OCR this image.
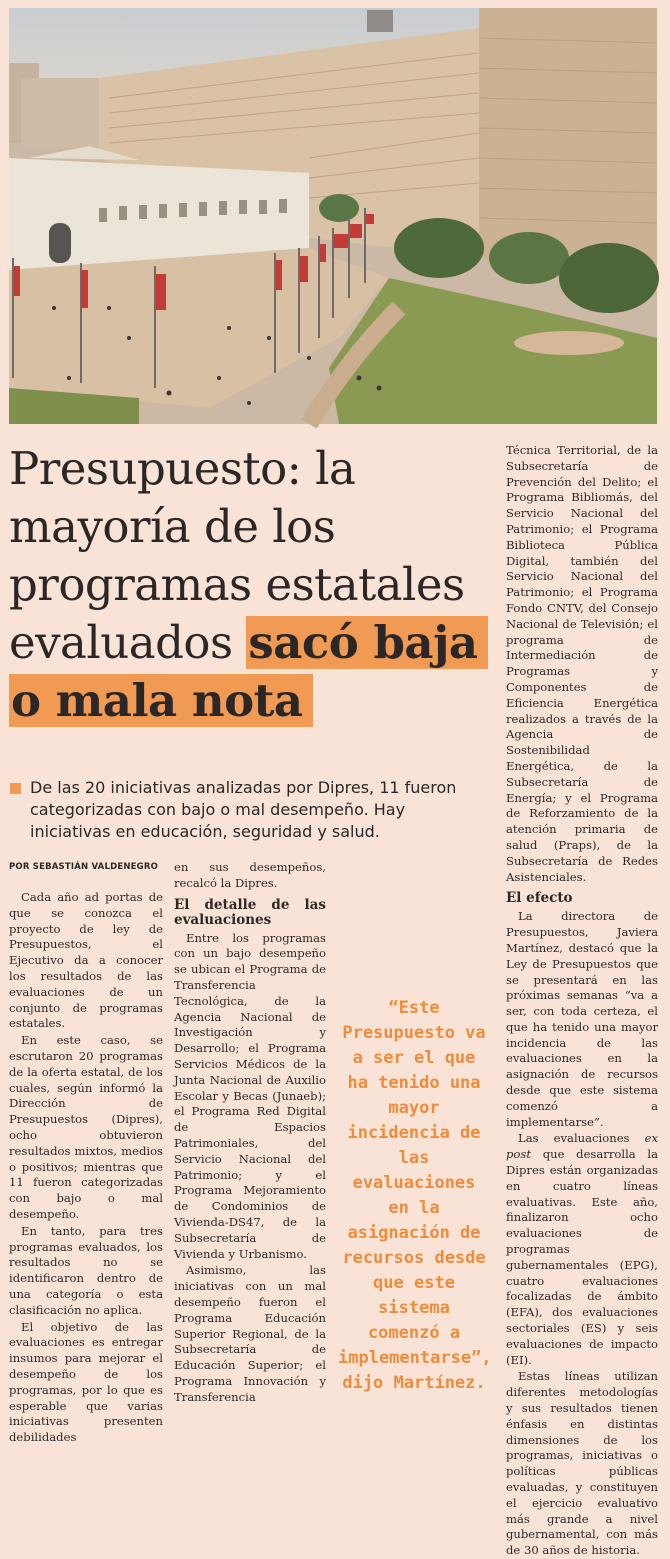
Presupuesto: la
mayoría de los
programas estatales
evaluados sacó baja
o mala nota

De las 20 iniciativas analizadas por Dipres, 11 fueron categorizadas con bajo o mal desempeño. Hay iniciativas en educación, seguridad y salud.

POR SEBASTIÁN VALDENEGRO

Cada año ad portas de que se conozca el proyecto de ley de Presupuestos, el Ejecutivo da a conocer los resultados de las evaluaciones de un conjunto de programas estatales.

En este caso, se escrutaron 20 programas de la oferta estatal, de los cuales, según informó la Dirección de Presupuestos (Dipres), ocho obtuvieron resultados mixtos, medios o positivos; mientras que 11 fueron categorizadas con bajo o mal desempeño.

En tanto, para tres programas evaluados, los resultados no se identificaron dentro de una categoría o esta clasificación no aplica.

El objetivo de las evaluaciones es entregar insumos para mejorar el desempeño de los programas, por lo que es esperable que varias iniciativas presenten debilidades

en sus desempeños, recalcó la Dipres.

El detalle de las evaluaciones

Entre los programas con un bajo desempeño se ubican el Programa de Transferencia Tecnológica, de la Agencia Nacional de Investigación y Desarrollo; el Programa Servicios Médicos de la Junta Nacional de Auxilio Escolar y Becas (Junaeb); el Programa Red Digital de Espacios Patrimoniales, del Servicio Nacional del Patrimonio; y el Programa Mejoramiento de Condominios de Vivienda-DS47, de la Subsecretaría de Vivienda y Urbanismo.

Asimismo, las iniciativas con un mal desempeño fueron el Programa Educación Superior Regional, de la Subsecretaría de Educación Superior; el Programa Innovación y Transferencia

“Este Presupuesto va a ser el que ha tenido una mayor incidencia de las evaluaciones en la asignación de recursos desde que este sistema comenzó a implementarse”,
dijo Martínez.

Técnica Territorial, de la Subsecretaría de Prevención del Delito; el Programa Bibliomás, del Servicio Nacional del Patrimonio; el Programa Biblioteca Pública Digital, también del Servicio Nacional del Patrimonio; el Programa Fondo CNTV, del Consejo Nacional de Televisión; el programa de Intermediación de Programas y Componentes de Eficiencia Energética realizados a través de la Agencia de Sostenibilidad Energética, de la Subsecretaría de Energía; y el Programa de Reforzamiento de la atención primaria de salud (Praps), de la Subsecretaría de Redes Asistenciales.

El efecto

La directora de Presupuestos, Javiera Martínez, destacó que la Ley de Presupuestos que se presentará en las próximas semanas “va a ser, con toda certeza, el que ha tenido una mayor incidencia de las evaluaciones en la asignación de recursos desde que este sistema comenzó a implementarse”.

Las evaluaciones ex post que desarrolla la Dipres están organizadas en cuatro líneas evaluativas. Este año, finalizaron ocho evaluaciones de programas gubernamentales (EPG), cuatro evaluaciones focalizadas de ámbito (EFA), dos evaluaciones sectoriales (ES) y seis evaluaciones de impacto (EI).

Estas líneas utilizan diferentes metodologías y sus resultados tienen énfasis en distintas dimensiones de los programas, iniciativas o políticas públicas evaluadas, y constituyen el ejercicio evaluativo más grande a nivel gubernamental, con más de 30 años de historia.
